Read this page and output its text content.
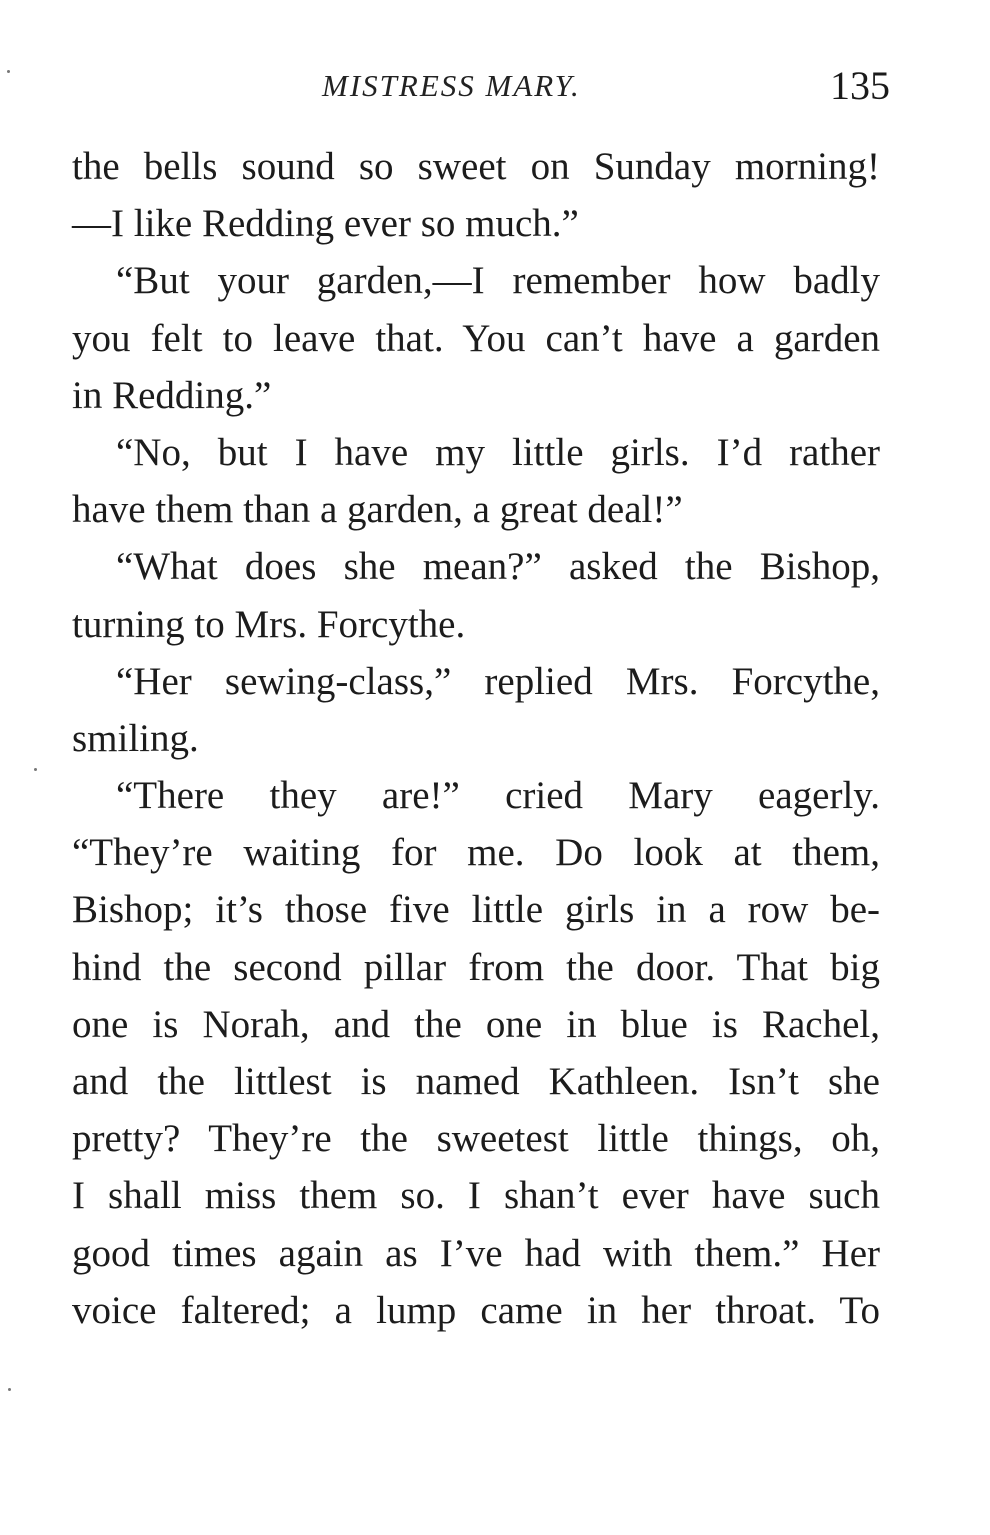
MISTRESS MARY.	135
the bells sound so sweet on Sunday morning!
—I like Redding ever so much.”
“But your garden,—I remember how badly
you felt to leave that. You can’t have a garden
in Redding.”
“No, but I have my little girls. I’d rather
have them than a garden, a great deal!”
“What does she mean?” asked the Bishop,
turning to Mrs. Forcythe.
“Her sewing-class,” replied Mrs. Forcythe,
smiling.
“There they are!” cried Mary eagerly.
“They’re waiting for me. Do look at them,
Bishop; it’s those five little girls in a row be-
hind the second pillar from the door. That big
one is Norah, and the one in blue is Rachel,
and the littlest is named Kathleen. Isn’t she
pretty? They’re the sweetest little things, oh,
I shall miss them so. I shan’t ever have such
good times again as I’ve had with them.” Her
voice faltered; a lump came in her throat. To
